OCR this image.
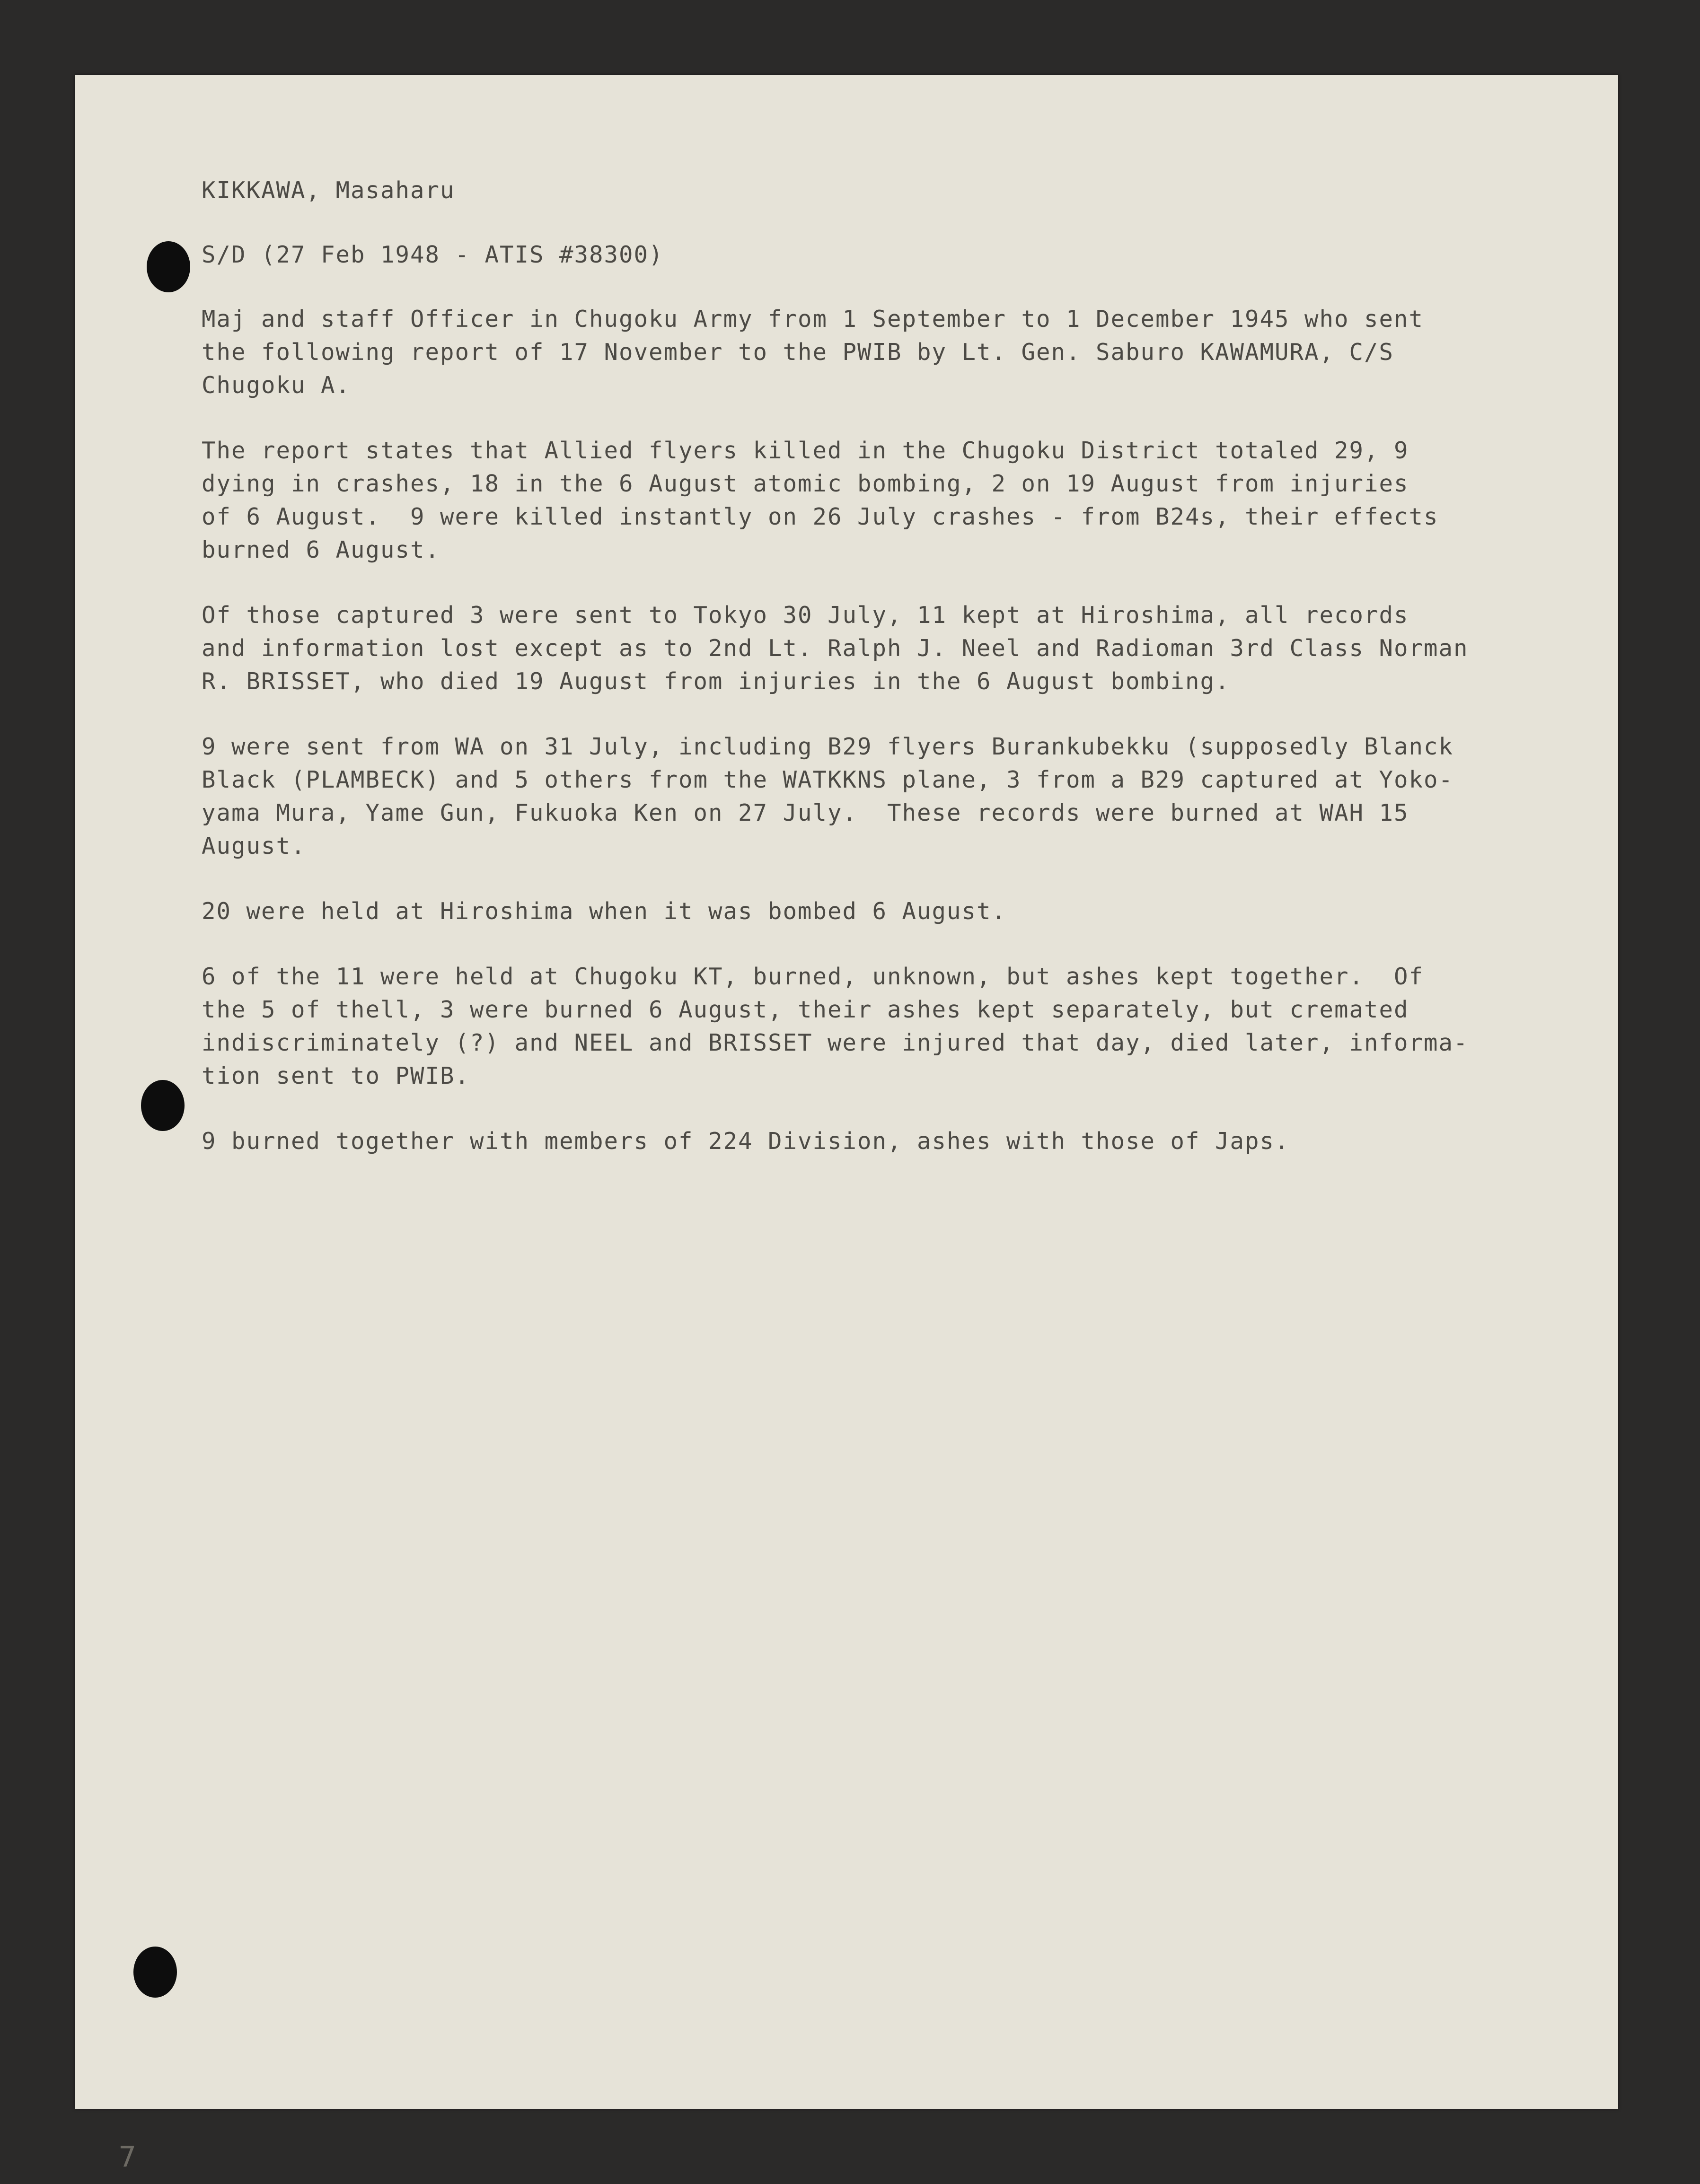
KIKKAWA, Masaharu
S/D (27 Feb 1948 - ATIS #38300)
Maj and staff Officer in Chugoku Army from 1 September to 1 December 1945 who sent
the following report of 17 November to the PWIB by Lt. Gen. Saburo KAWAMURA, C/S
Chugoku A.
The report states that Allied flyers killed in the Chugoku District totaled 29, 9
dying in crashes, 18 in the 6 August atomic bombing, 2 on 19 August from injuries
of 6 August.  9 were killed instantly on 26 July crashes - from B24s, their effects
burned 6 August.
Of those captured 3 were sent to Tokyo 30 July, 11 kept at Hiroshima, all records
and information lost except as to 2nd Lt. Ralph J. Neel and Radioman 3rd Class Norman
R. BRISSET, who died 19 August from injuries in the 6 August bombing.
9 were sent from WA on 31 July, including B29 flyers Burankubekku (supposedly Blanck
Black (PLAMBECK) and 5 others from the WATKKNS plane, 3 from a B29 captured at Yoko-
yama Mura, Yame Gun, Fukuoka Ken on 27 July.  These records were burned at WAH 15
August.
20 were held at Hiroshima when it was bombed 6 August.
6 of the 11 were held at Chugoku KT, burned, unknown, but ashes kept together.  Of
the 5 of thell, 3 were burned 6 August, their ashes kept separately, but cremated
indiscriminately (?) and NEEL and BRISSET were injured that day, died later, informa-
tion sent to PWIB.
9 burned together with members of 224 Division, ashes with those of Japs.
7
